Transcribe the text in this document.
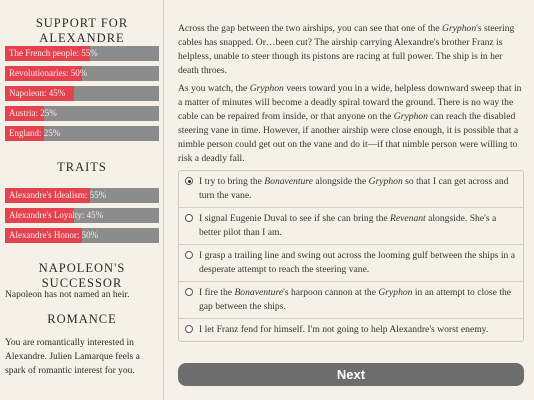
SUPPORT FOR ALEXANDRE
The French people: 55%
Revolutionaries: 50%
Napoleon: 45%
Austria: 25%
England: 25%
TRAITS
Alexandre's Idealism: 55%
Alexandre's Loyalty: 45%
Alexandre's Honor: 50%
NAPOLEON'S SUCCESSOR
Napoleon has not named an heir.
ROMANCE
You are romantically interested in Alexandre. Julien Lamarque feels a spark of romantic interest for you.

Across the gap between the two airships, you can see that one of the Gryphon's steering cables has snapped. Or…been cut? The airship carrying Alexandre's brother Franz is helpless, unable to steer though its pistons are racing at full power. The ship is in her death throes.

As you watch, the Gryphon veers toward you in a wide, helpless downward sweep that in a matter of minutes will become a deadly spiral toward the ground. There is no way the cable can be repaired from inside, or that anyone on the Gryphon can reach the disabled steering vane in time. However, if another airship were close enough, it is possible that a nimble person could get out on the vane and do it—if that nimble person were willing to risk a deadly fall.

I try to bring the Bonaventure alongside the Gryphon so that I can get across and turn the vane.
I signal Eugenie Duval to see if she can bring the Revenant alongside. She's a better pilot than I am.
I grasp a trailing line and swing out across the looming gulf between the ships in a desperate attempt to reach the steering vane.
I fire the Bonaventure's harpoon cannon at the Gryphon in an attempt to close the gap between the ships.
I let Franz fend for himself. I'm not going to help Alexandre's worst enemy.
Next
